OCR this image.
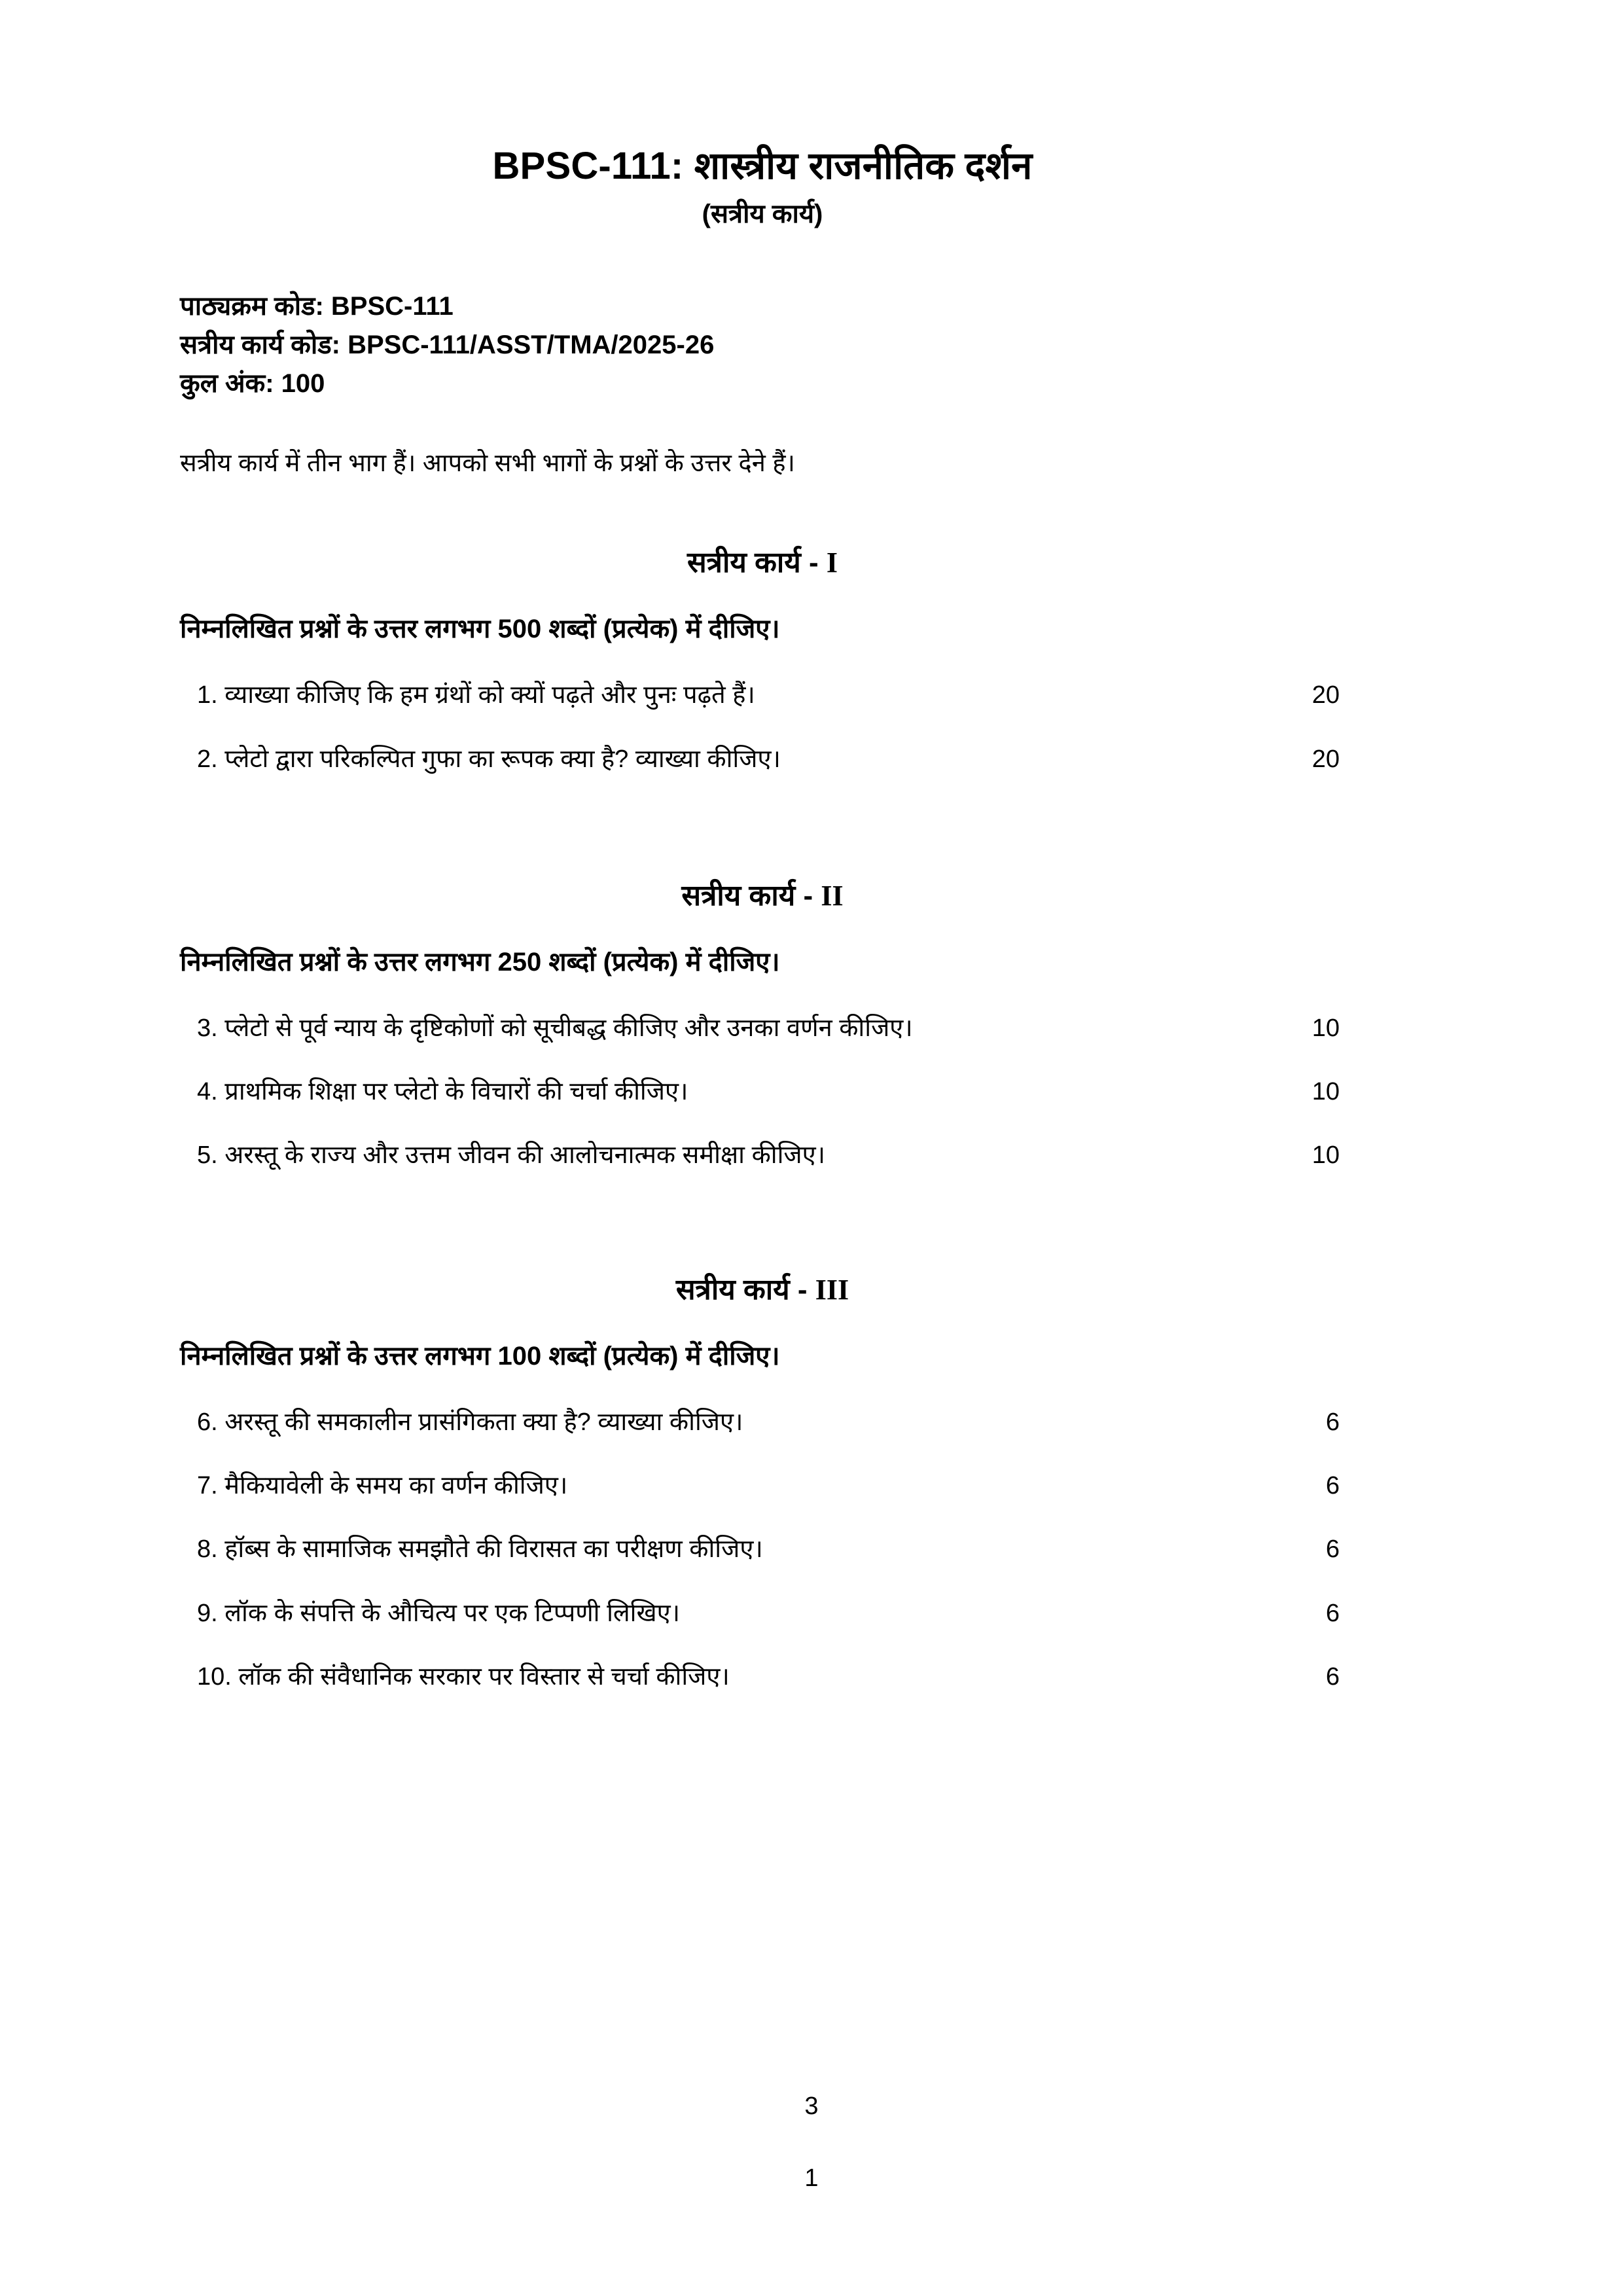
BPSC-111: शास्त्रीय राजनीतिक दर्शन
(सत्रीय कार्य)
पाठ्यक्रम कोड: BPSC-111
सत्रीय कार्य कोड: BPSC-111/ASST/TMA/2025-26
कुल अंक: 100
सत्रीय कार्य में तीन भाग हैं। आपको सभी भागों के प्रश्नों के उत्तर देने हैं।
सत्रीय कार्य - I
निम्नलिखित प्रश्नों के उत्तर लगभग 500 शब्दों (प्रत्येक) में दीजिए।
1. व्याख्या कीजिए कि हम ग्रंथों को क्यों पढ़ते और पुनः पढ़ते हैं।	20
2. प्लेटो द्वारा परिकल्पित गुफा का रूपक क्या है? व्याख्या कीजिए।	20
सत्रीय कार्य - II
निम्नलिखित प्रश्नों के उत्तर लगभग 250 शब्दों (प्रत्येक) में दीजिए।
3. प्लेटो से पूर्व न्याय के दृष्टिकोणों को सूचीबद्ध कीजिए और उनका वर्णन कीजिए।	10
4. प्राथमिक शिक्षा पर प्लेटो के विचारों की चर्चा कीजिए।	10
5. अरस्तू के राज्य और उत्तम जीवन की आलोचनात्मक समीक्षा कीजिए।	10
सत्रीय कार्य - III
निम्नलिखित प्रश्नों के उत्तर लगभग 100 शब्दों (प्रत्येक) में दीजिए।
6. अरस्तू की समकालीन प्रासंगिकता क्या है? व्याख्या कीजिए।	6
7. मैकियावेली के समय का वर्णन कीजिए।	6
8. हॉब्स के सामाजिक समझौते की विरासत का परीक्षण कीजिए।	6
9. लॉक के संपत्ति के औचित्य पर एक टिप्पणी लिखिए।	6
10. लॉक की संवैधानिक सरकार पर विस्तार से चर्चा कीजिए।	6
3
1
